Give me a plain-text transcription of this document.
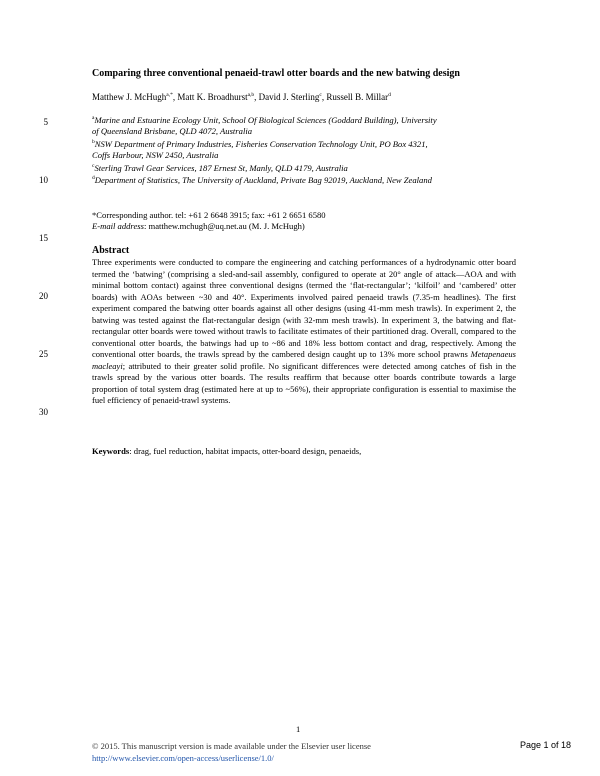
Comparing three conventional penaeid-trawl otter boards and the new batwing design
Matthew J. McHugh$^{a,*}$, Matt K. Broadhurst$^{a,b}$, David J. Sterling$^c$, Russell B. Millar$^d$
5
10
15
20
25
30
$^a$Marine and Estuarine Ecology Unit, School Of Biological Sciences (Goddard Building), University
of Queensland Brisbane, QLD 4072, Australia
$^b$NSW Department of Primary Industries, Fisheries Conservation Technology Unit, PO Box 4321,
Coffs Harbour, NSW 2450, Australia
$^c$Sterling Trawl Gear Services, 187 Ernest St, Manly, QLD 4179, Australia
$^d$Department of Statistics, The University of Auckland, Private Bag 92019, Auckland, New Zealand
*Corresponding author. tel: +61 2 6648 3915; fax: +61 2 6651 6580
E-mail address: matthew.mchugh@uq.net.au (M. J. McHugh)
Abstract
Three experiments were conducted to compare the engineering and catching performances of a hydrodynamic otter board termed the ‘batwing’ (comprising a sled-and-sail assembly, configured to operate at 20° angle of attack—AOA and with minimal bottom contact) against three conventional designs (termed the ‘flat-rectangular’; ‘kilfoil’ and ‘cambered’ otter boards) with AOAs between ~30 and 40°. Experiments involved paired penaeid trawls (7.35-m headlines). The first experiment compared the batwing otter boards against all other designs (using 41-mm mesh trawls). In experiment 2, the batwing was tested against the flat-rectangular design (with 32-mm mesh trawls). In experiment 3, the batwing and flat-rectangular otter boards were towed without trawls to facilitate estimates of their partitioned drag. Overall, compared to the conventional otter boards, the batwings had up to ~86 and 18% less bottom contact and drag, respectively. Among the conventional otter boards, the trawls spread by the cambered design caught up to 13% more school prawns Metapenaeus macleayi; attributed to their greater solid profile. No significant differences were detected among catches of fish in the trawls spread by the various otter boards. The results reaffirm that because otter boards contribute towards a large proportion of total system drag (estimated here at up to ~56%), their appropriate configuration is essential to maximise the fuel efficiency of penaeid-trawl systems.
Keywords: drag, fuel reduction, habitat impacts, otter-board design, penaeids,
1
© 2015. This manuscript version is made available under the Elsevier user license
http://www.elsevier.com/open-access/userlicense/1.0/
Page 1 of 18
